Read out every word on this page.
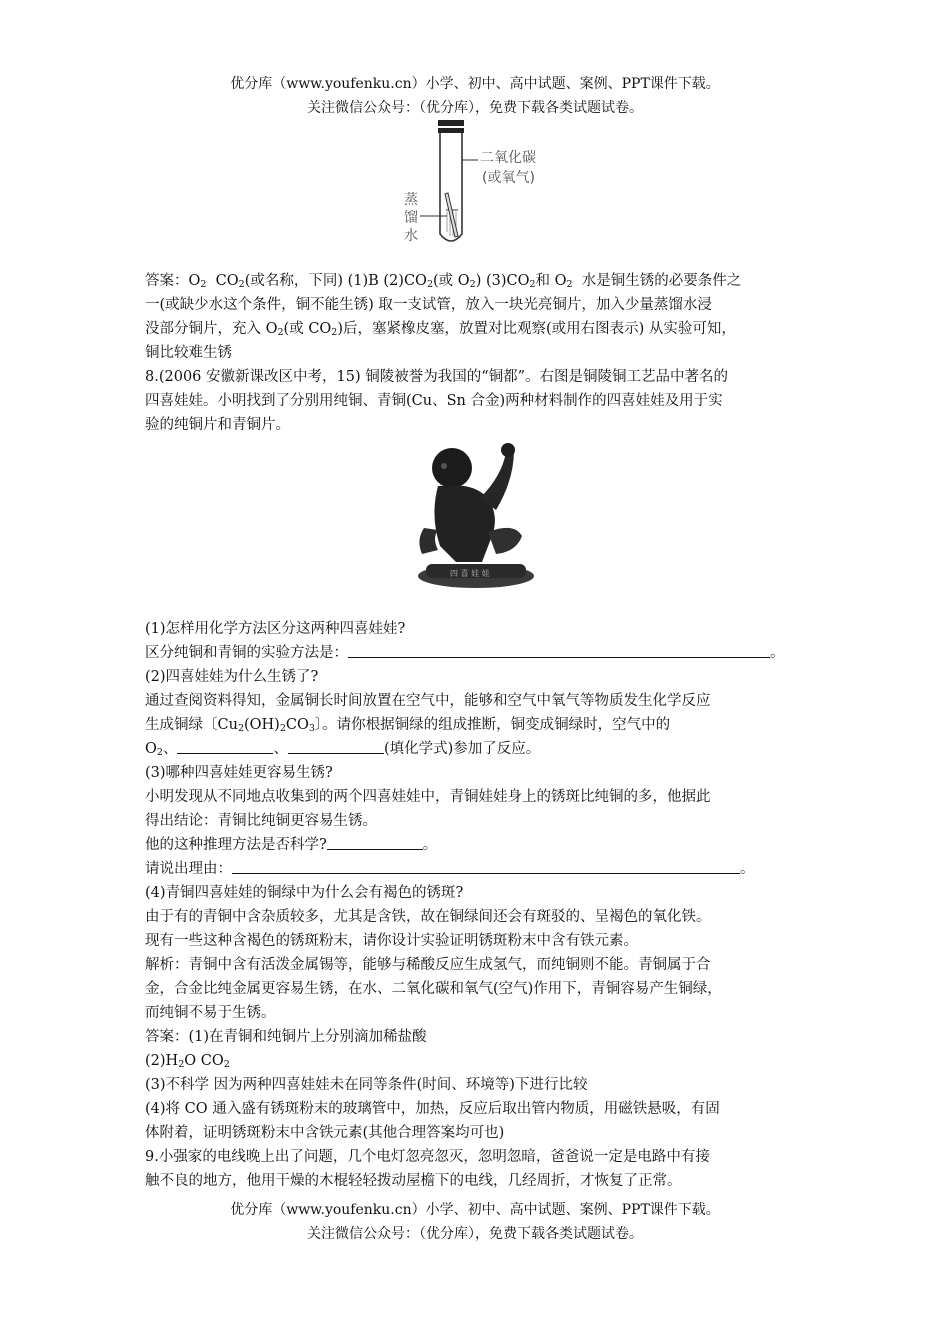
优分库（www.youfenku.cn）小学、初中、高中试题、案例、PPT课件下载。
关注微信公众号：（优分库），免费下载各类试题试卷。
二氧化碳
(或氧气)
蒸
馏
水
答案：$O_2$ $CO_2$(或名称，下同) (1)B $(2)CO_2$(或 $O_2$) $(3)CO_2$和 $O_2$ 水是铜生锈的必要条件之
一(或缺少水这个条件，铜不能生锈) 取一支试管，放入一块光亮铜片，加入少量蒸馏水浸
没部分铜片，充入 $O_2$(或 $CO_2$)后，塞紧橡皮塞，放置对比观察(或用右图表示) 从实验可知，
铜比较难生锈
8.(2006 安徽新课改区中考，15) 铜陵被誉为我国的“铜都”。右图是铜陵铜工艺品中著名的
四喜娃娃。小明找到了分别用纯铜、青铜(Cu、Sn 合金)两种材料制作的四喜娃娃及用于实
验的纯铜片和青铜片。
四 喜 娃 娃
(1)怎样用化学方法区分这两种四喜娃娃?
区分纯铜和青铜的实验方法是：	。
(2)四喜娃娃为什么生锈了?
通过查阅资料得知，金属铜长时间放置在空气中，能够和空气中氧气等物质发生化学反应
生成铜绿〔$Cu_2(OH)_2CO_3$〕。请你根据铜绿的组成推断，铜变成铜绿时，空气中的
$O_2$、	、	(填化学式)参加了反应。
(3)哪种四喜娃娃更容易生锈?
小明发现从不同地点收集到的两个四喜娃娃中，青铜娃娃身上的锈斑比纯铜的多，他据此
得出结论：青铜比纯铜更容易生锈。
他的这种推理方法是否科学?	。
请说出理由：	。
(4)青铜四喜娃娃的铜绿中为什么会有褐色的锈斑?
由于有的青铜中含杂质较多，尤其是含铁，故在铜绿间还会有斑驳的、呈褐色的氧化铁。
现有一些这种含褐色的锈斑粉末，请你设计实验证明锈斑粉末中含有铁元素。
解析：青铜中含有活泼金属锡等，能够与稀酸反应生成氢气，而纯铜则不能。青铜属于合
金，合金比纯金属更容易生锈，在水、二氧化碳和氧气(空气)作用下，青铜容易产生铜绿，
而纯铜不易于生锈。
答案：(1)在青铜和纯铜片上分别滴加稀盐酸
$(2)H_2O$ $CO_2$
(3)不科学 因为两种四喜娃娃未在同等条件(时间、环境等)下进行比较
(4)将 CO 通入盛有锈斑粉末的玻璃管中，加热，反应后取出管内物质，用磁铁悬吸，有固
体附着，证明锈斑粉末中含铁元素(其他合理答案均可也)
9.小强家的电线晚上出了问题，几个电灯忽亮忽灭，忽明忽暗，爸爸说一定是电路中有接
触不良的地方，他用干燥的木棍轻轻拨动屋檐下的电线，几经周折，才恢复了正常。
优分库（www.youfenku.cn）小学、初中、高中试题、案例、PPT课件下载。
关注微信公众号：（优分库），免费下载各类试题试卷。
